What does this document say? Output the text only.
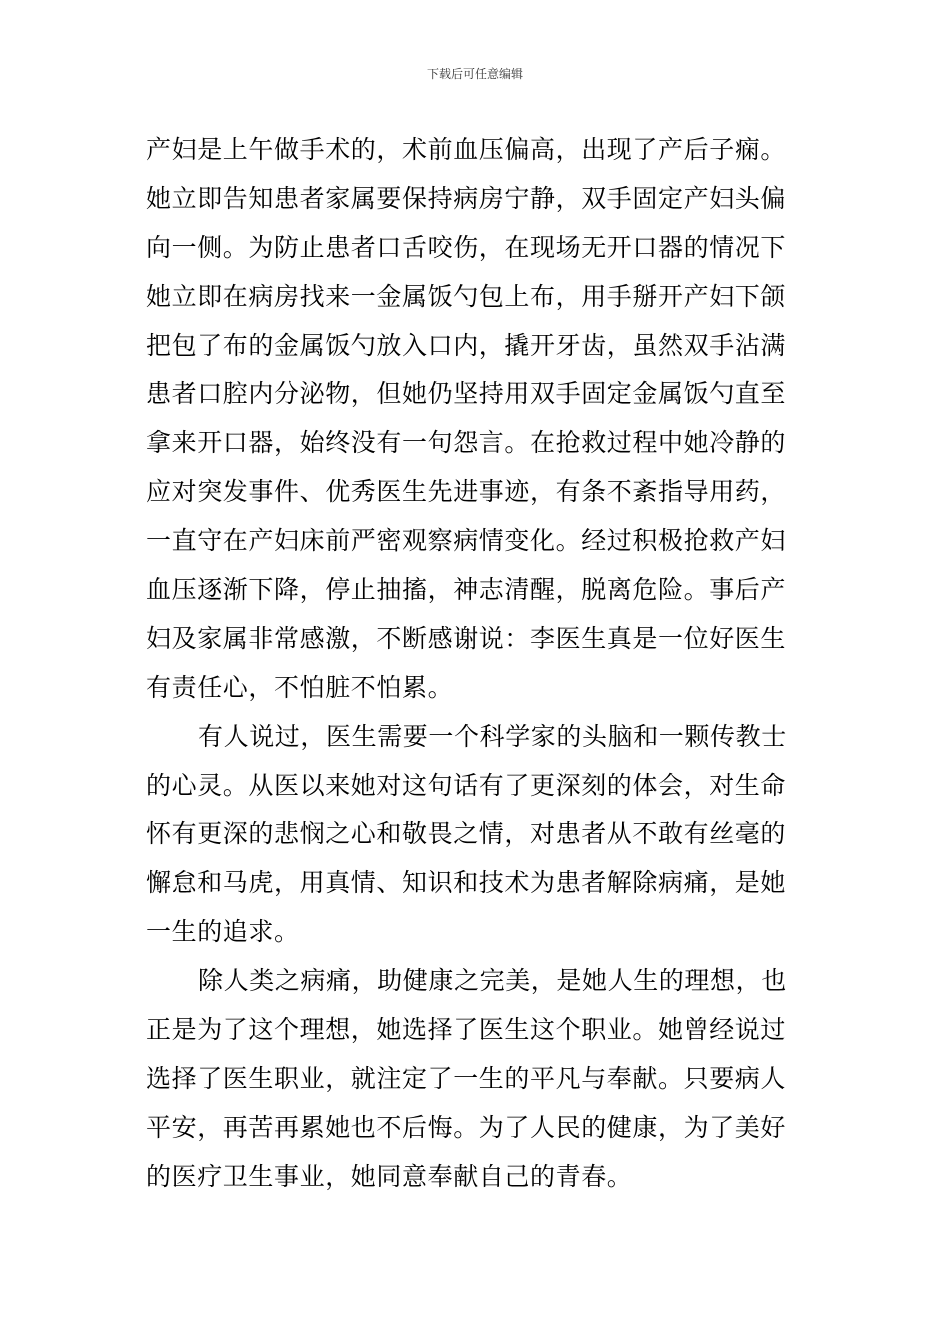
下载后可任意编辑
产妇是上午做手术的，术前血压偏高，出现了产后子痫。
她立即告知患者家属要保持病房宁静，双手固定产妇头偏
向一侧。为防止患者口舌咬伤，在现场无开口器的情况下
她立即在病房找来一金属饭勺包上布，用手掰开产妇下颌
把包了布的金属饭勺放入口内，撬开牙齿，虽然双手沾满
患者口腔内分泌物，但她仍坚持用双手固定金属饭勺直至
拿来开口器，始终没有一句怨言。在抢救过程中她冷静的
应对突发事件、优秀医生先进事迹，有条不紊指导用药，
一直守在产妇床前严密观察病情变化。经过积极抢救产妇
血压逐渐下降，停止抽搐，神志清醒，脱离危险。事后产
妇及家属非常感激，不断感谢说：李医生真是一位好医生
有责任心，不怕脏不怕累。
有人说过，医生需要一个科学家的头脑和一颗传教士
的心灵。从医以来她对这句话有了更深刻的体会，对生命
怀有更深的悲悯之心和敬畏之情，对患者从不敢有丝毫的
懈怠和马虎，用真情、知识和技术为患者解除病痛，是她
一生的追求。
除人类之病痛，助健康之完美，是她人生的理想，也
正是为了这个理想，她选择了医生这个职业。她曾经说过
选择了医生职业，就注定了一生的平凡与奉献。只要病人
平安，再苦再累她也不后悔。为了人民的健康，为了美好
的医疗卫生事业，她同意奉献自己的青春。
